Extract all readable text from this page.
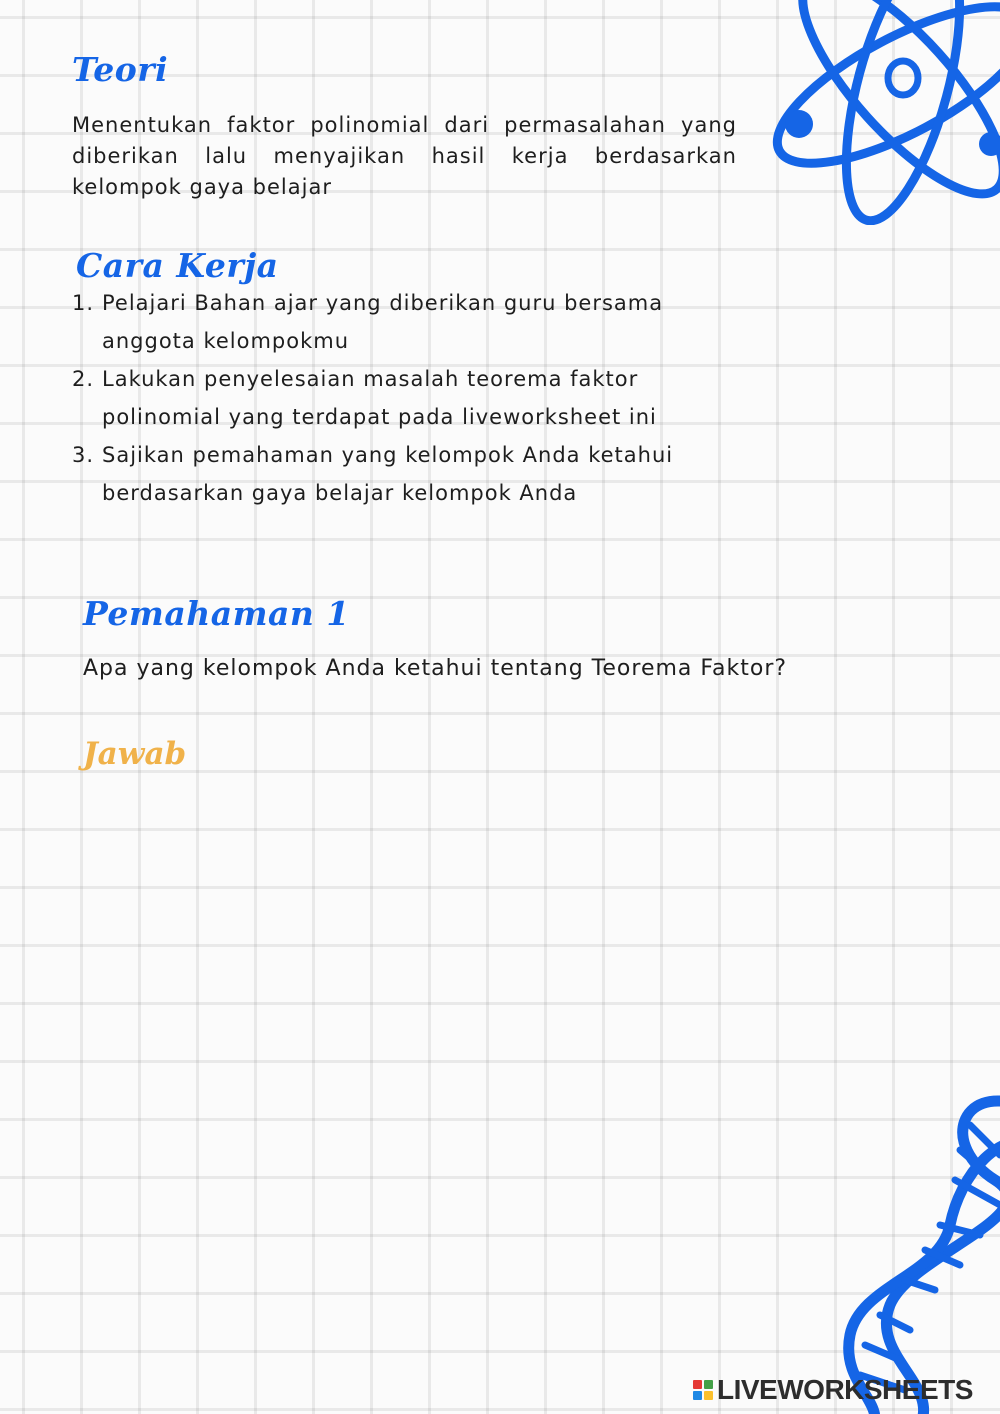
Teori

Menentukan faktor polinomial dari permasalahan yang diberikan lalu menyajikan hasil kerja berdasarkan kelompok gaya belajar

Cara Kerja
1. Pelajari Bahan ajar yang diberikan guru bersama anggota kelompokmu
2. Lakukan penyelesaian masalah teorema faktor polinomial yang terdapat pada liveworksheet ini
3. Sajikan pemahaman yang kelompok Anda ketahui berdasarkan gaya belajar kelompok Anda
Pemahaman 1

Apa yang kelompok Anda ketahui tentang Teorema Faktor?

Jawab
LIVEWORKSHEETS
